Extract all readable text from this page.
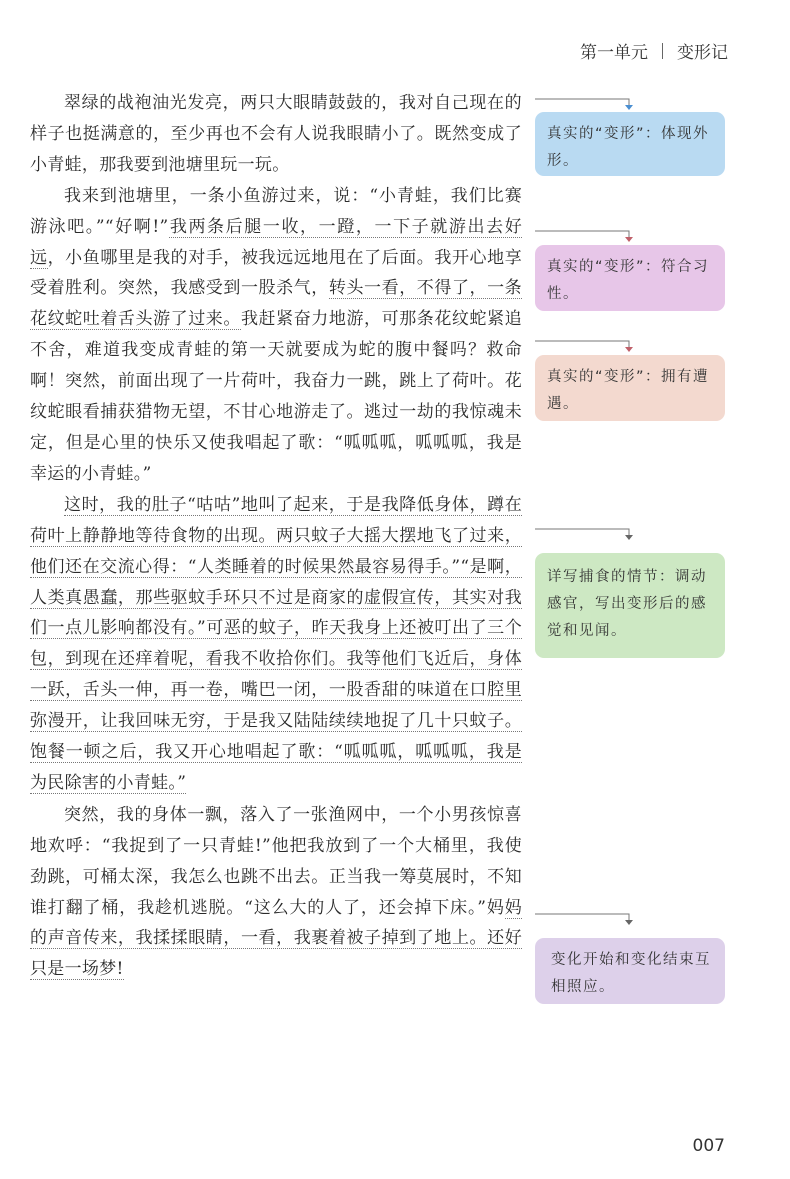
第一单元 变形记

翠绿的战袍油光发亮，两只大眼睛鼓鼓的，我对自己现在的样子也挺满意的，至少再也不会有人说我眼睛小了。既然变成了小青蛙，那我要到池塘里玩一玩。

我来到池塘里，一条小鱼游过来，说：“小青蛙，我们比赛游泳吧。”“好啊!”我两条后腿一收，一蹬，一下子就游出去好远，小鱼哪里是我的对手，被我远远地甩在了后面。我开心地享受着胜利。突然，我感受到一股杀气，转头一看，不得了，一条花纹蛇吐着舌头游了过来。我赶紧奋力地游，可那条花纹蛇紧追不舍，难道我变成青蛙的第一天就要成为蛇的腹中餐吗？救命啊！突然，前面出现了一片荷叶，我奋力一跳，跳上了荷叶。花纹蛇眼看捕获猎物无望，不甘心地游走了。逃过一劫的我惊魂未定，但是心里的快乐又使我唱起了歌：“呱呱呱，呱呱呱，我是幸运的小青蛙。”

这时，我的肚子“咕咕”地叫了起来，于是我降低身体，蹲在荷叶上静静地等待食物的出现。两只蚊子大摇大摆地飞了过来，他们还在交流心得：“人类睡着的时候果然最容易得手。”“是啊，人类真愚蠢，那些驱蚊手环只不过是商家的虚假宣传，其实对我们一点儿影响都没有。”可恶的蚊子，昨天我身上还被叮出了三个包，到现在还痒着呢，看我不收拾你们。我等他们飞近后，身体一跃，舌头一伸，再一卷，嘴巴一闭，一股香甜的味道在口腔里弥漫开，让我回味无穷，于是我又陆陆续续地捉了几十只蚊子。饱餐一顿之后，我又开心地唱起了歌：“呱呱呱，呱呱呱，我是为民除害的小青蛙。”

突然，我的身体一飘，落入了一张渔网中，一个小男孩惊喜地欢呼：“我捉到了一只青蛙!”他把我放到了一个大桶里，我使劲跳，可桶太深，我怎么也跳不出去。正当我一筹莫展时，不知谁打翻了桶，我趁机逃脱。“这么大的人了，还会掉下床。”妈妈的声音传来，我揉揉眼睛，一看，我裹着被子掉到了地上。还好只是一场梦!

真实的“变形”：体现外形。
真实的“变形”：符合习性。
真实的“变形”：拥有遭遇。
详写捕食的情节：调动感官，写出变形后的感觉和见闻。
变化开始和变化结束互相照应。
007
